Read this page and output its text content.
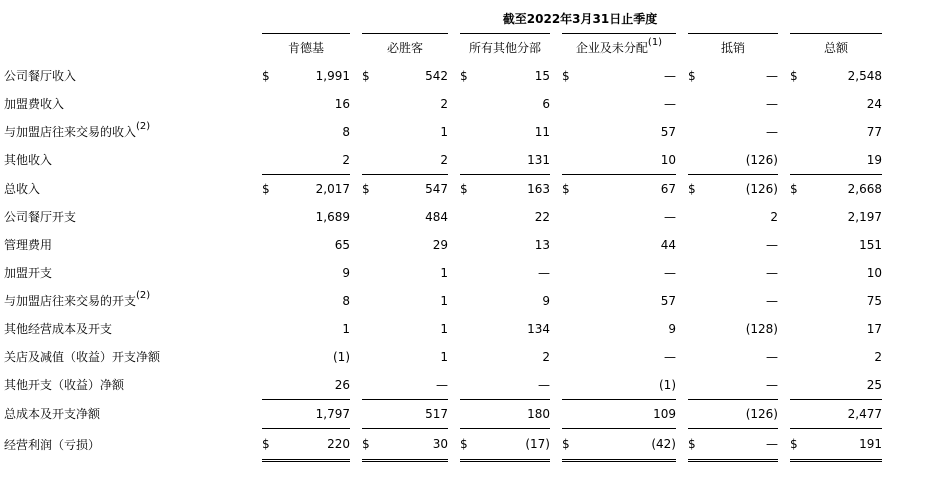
截至2022年3月31日止季度
	肯德基			必胜客			所有其他分部			企业及未分配$^{(1)}$			抵销			总额	
公司餐厅收入	$	1,991		$	542		$	15		$	—		$	—		$	2,548
加盟费收入		16			2			6			—			—			24
与加盟店往来交易的收入$^{(2)}$		8			1			11			57			—			77
其他收入		2			2			131			10			(126)			19
总收入	$	2,017		$	547		$	163		$	67		$	(126)		$	2,668
公司餐厅开支		1,689			484			22			—			2			2,197
管理费用		65			29			13			44			—			151
加盟开支		9			1			—			—			—			10
与加盟店往来交易的开支$^{(2)}$		8			1			9			57			—			75
其他经营成本及开支		1			1			134			9			(128)			17
关店及减值（收益）开支净额		(1)			1			2			—			—			2
其他开支（收益）净额		26			—			—			(1)			—			25
总成本及开支净额		1,797			517			180			109			(126)			2,477
经营利润（亏损）	$	220		$	30		$	(17)		$	(42)		$	—		$	191
